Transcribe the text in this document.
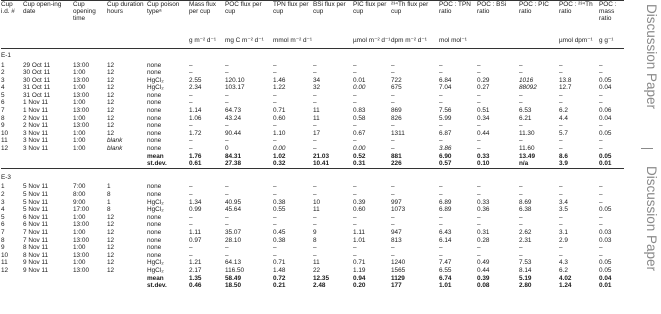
Cup i.d. #	Cup open-ing date	Cup opening time	Cup duration hours	Cup poison typeᵃ	Mass flux per cup	POC flux per cup	TPN flux per cup	BSi flux per cup	PIC flux per cup	²³⁴Th flux per cup	POC : TPN ratio	POC : BSi ratio	POC : PIC ratio	POC : ²³⁴Th ratio	POC : mass ratio
					g m⁻² d⁻¹	mg C m⁻² d⁻¹	mmol m⁻² d⁻¹		µmol m⁻² d⁻¹	dpm m⁻² d⁻¹	mol mol⁻¹			µmol dpm⁻¹	g g⁻¹
E-1															
1	29 Oct 11	13:00	12	none	–	–	–	–	–	–	–	–	–	–	–
2	30 Oct 11	1:00	12	none	–	–	–	–	–	–	–	–	–	–	–
3	30 Oct 11	13:00	12	HgCl₂	2.55	120.10	1.46	34	0.01	722	6.84	0.29	1016	13.8	0.05
4	31 Oct 11	1:00	12	HgCl₂	2.34	103.17	1.22	32	0.00	675	7.04	0.27	88092	12.7	0.04
5	31 Oct 11	13:00	12	none	–	–	–	–	–	–	–	–	–	–	–
6	1 Nov 11	1:00	12	none	–	–	–	–	–	–	–	–	–	–	–
7	1 Nov 11	13:00	12	none	1.14	64.73	0.71	11	0.83	869	7.56	0.51	6.53	6.2	0.06
8	2 Nov 11	1:00	12	none	1.06	43.24	0.60	11	0.58	826	5.99	0.34	6.21	4.4	0.04
9	2 Nov 11	13:00	12	none	–	–	–	–	–	–	–	–	–	–	–
10	3 Nov 11	1:00	12	none	1.72	90.44	1.10	17	0.67	1311	6.87	0.44	11.30	5.7	0.05
11	3 Nov 11	1:00	blank	none	–	–	–	–	–	–	–	–	–	–	–
12	3 Nov 11	1:00	blank	none	–	0	0.00	–	0.00	–	3.86	–	11.60	–	–
				mean	1.76	84.31	1.02	21.03	0.52	881	6.90	0.33	13.49	8.6	0.05
				st.dev.	0.61	27.38	0.32	10.41	0.31	226	0.57	0.10	n/a	3.9	0.01
E-3															
1	5 Nov 11	7:00	1	none	–	–	–	–	–	–	–	–	–	–	–
2	5 Nov 11	8:00	8	none	–	–	–	–	–	–	–	–	–	–	–
3	5 Nov 11	9:00	1	HgCl₂	1.34	40.95	0.38	10	0.39	997	6.89	0.33	8.69	3.4	–
4	5 Nov 11	17:00	8	HgCl₂	0.99	45.64	0.55	11	0.60	1073	6.89	0.36	6.38	3.5	0.05
5	6 Nov 11	1:00	12	none	–	–	–	–	–	–	–	–	–	–	–
6	6 Nov 11	13:00	12	none	–	–	–	–	–	–	–	–	–	–	–
7	7 Nov 11	1:00	12	none	1.11	35.07	0.45	9	1.11	947	6.43	0.31	2.62	3.1	0.03
8	7 Nov 11	13:00	12	none	0.97	28.10	0.38	8	1.01	813	6.14	0.28	2.31	2.9	0.03
9	8 Nov 11	1:00	12	none	–	–	–	–	–	–	–	–	–	–	–
10	8 Nov 11	13:00	12	none	–	–	–	–	–	–	–	–	–	–	–
11	9 Nov 11	1:00	12	HgCl₂	1.21	64.13	0.71	11	0.71	1240	7.47	0.49	7.53	4.3	0.05
12	9 Nov 11	13:00	12	HgCl₂	2.17	116.50	1.48	22	1.19	1565	6.55	0.44	8.14	6.2	0.05
				mean	1.35	58.49	0.72	12.35	0.94	1129	6.74	0.39	5.19	4.02	0.04
				st.dev.	0.46	18.50	0.21	2.48	0.20	177	1.01	0.08	2.80	1.24	0.01
Discussion Paper
Discussion Paper
